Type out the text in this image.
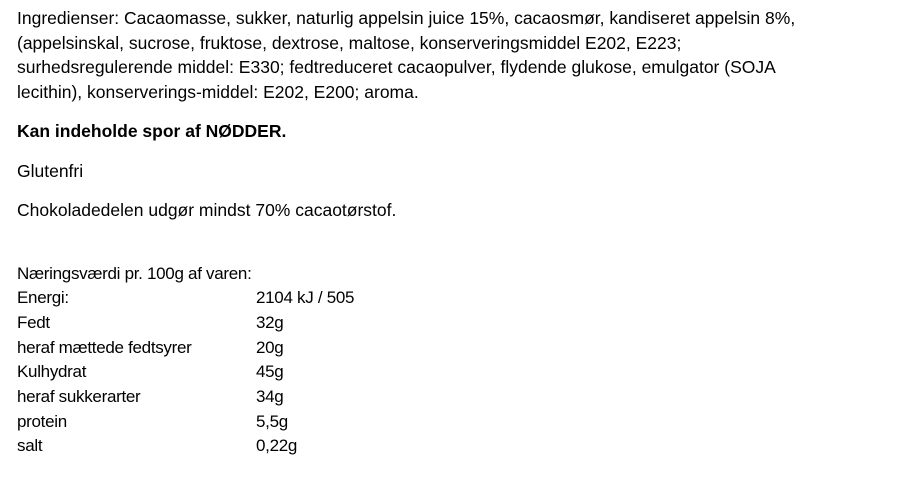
Ingredienser: Cacaomasse, sukker, naturlig appelsin juice 15%, cacaosmør, kandiseret appelsin 8%,
(appelsinskal, sucrose, fruktose, dextrose, maltose, konserveringsmiddel E202, E223;
surhedsregulerende middel: E330; fedtreduceret cacaopulver, flydende glukose, emulgator (SOJA
lecithin), konserverings-middel: E202, E200; aroma.

Kan indeholde spor af NØDDER.

Glutenfri

Chokoladedelen udgør mindst 70% cacaotørstof.

Næringsværdi pr. 100g af varen:

Energi:	2104 kJ / 505
Fedt	32g
heraf mættede fedtsyrer	20g
Kulhydrat	45g
heraf sukkerarter	34g
protein	5,5g
salt	0,22g
